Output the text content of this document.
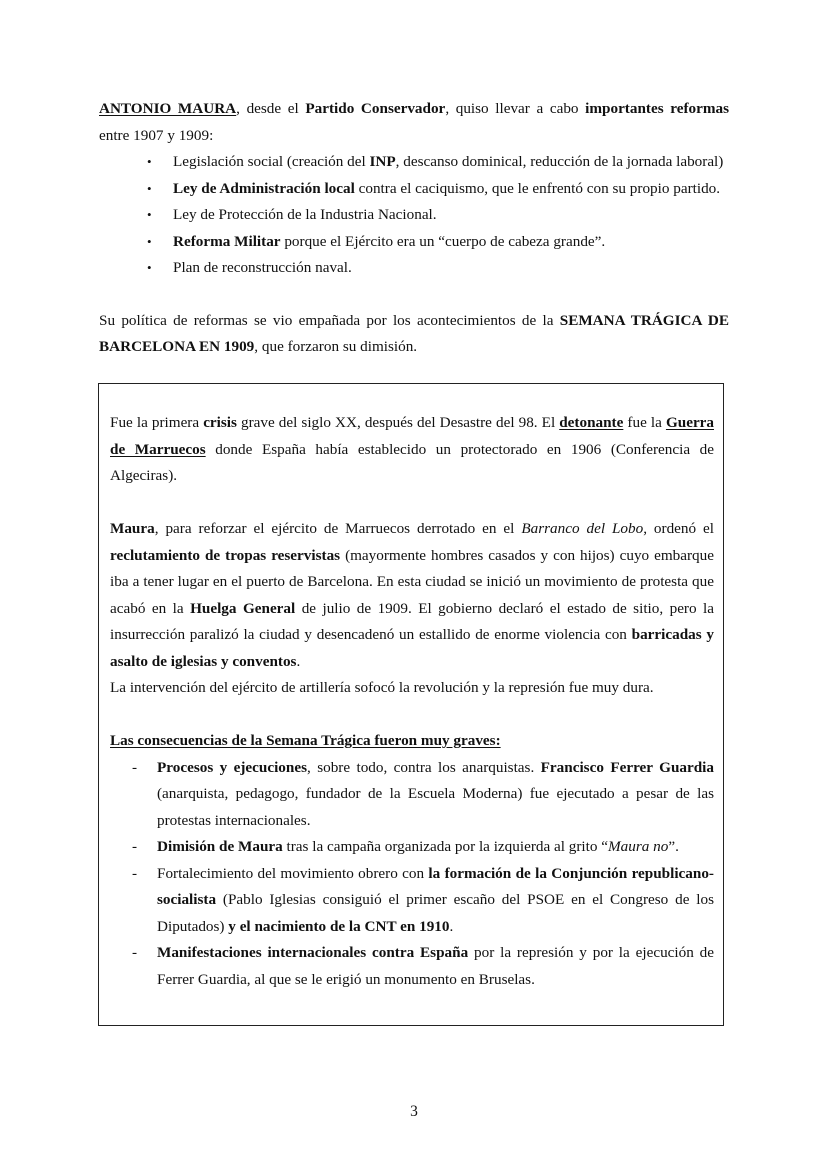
ANTONIO MAURA, desde el Partido Conservador, quiso llevar a cabo importantes reformas entre 1907 y 1909:

• Legislación social (creación del INP, descanso dominical, reducción de la jornada laboral)
• Ley de Administración local contra el caciquismo, que le enfrentó con su propio partido.
• Ley de Protección de la Industria Nacional.
• Reforma Militar porque el Ejército era un “cuerpo de cabeza grande”.
• Plan de reconstrucción naval.

Su política de reformas se vio empañada por los acontecimientos de la SEMANA TRÁGICA DE BARCELONA EN 1909, que forzaron su dimisión.

Fue la primera crisis grave del siglo XX, después del Desastre del 98. El detonante fue la Guerra de Marruecos donde España había establecido un protectorado en 1906 (Conferencia de Algeciras).

Maura, para reforzar el ejército de Marruecos derrotado en el Barranco del Lobo, ordenó el reclutamiento de tropas reservistas (mayormente hombres casados y con hijos) cuyo embarque iba a tener lugar en el puerto de Barcelona. En esta ciudad se inició un movimiento de protesta que acabó en la Huelga General de julio de 1909. El gobierno declaró el estado de sitio, pero la insurrección paralizó la ciudad y desencadenó un estallido de enorme violencia con barricadas y asalto de iglesias y conventos.

La intervención del ejército de artillería sofocó la revolución y la represión fue muy dura.

Las consecuencias de la Semana Trágica fueron muy graves:

- Procesos y ejecuciones, sobre todo, contra los anarquistas. Francisco Ferrer Guardia (anarquista, pedagogo, fundador de la Escuela Moderna) fue ejecutado a pesar de las protestas internacionales.
- Dimisión de Maura tras la campaña organizada por la izquierda al grito “Maura no”.
- Fortalecimiento del movimiento obrero con la formación de la Conjunción republicano-socialista (Pablo Iglesias consiguió el primer escaño del PSOE en el Congreso de los Diputados) y el nacimiento de la CNT en 1910.
- Manifestaciones internacionales contra España por la represión y por la ejecución de Ferrer Guardia, al que se le erigió un monumento en Bruselas.
3
